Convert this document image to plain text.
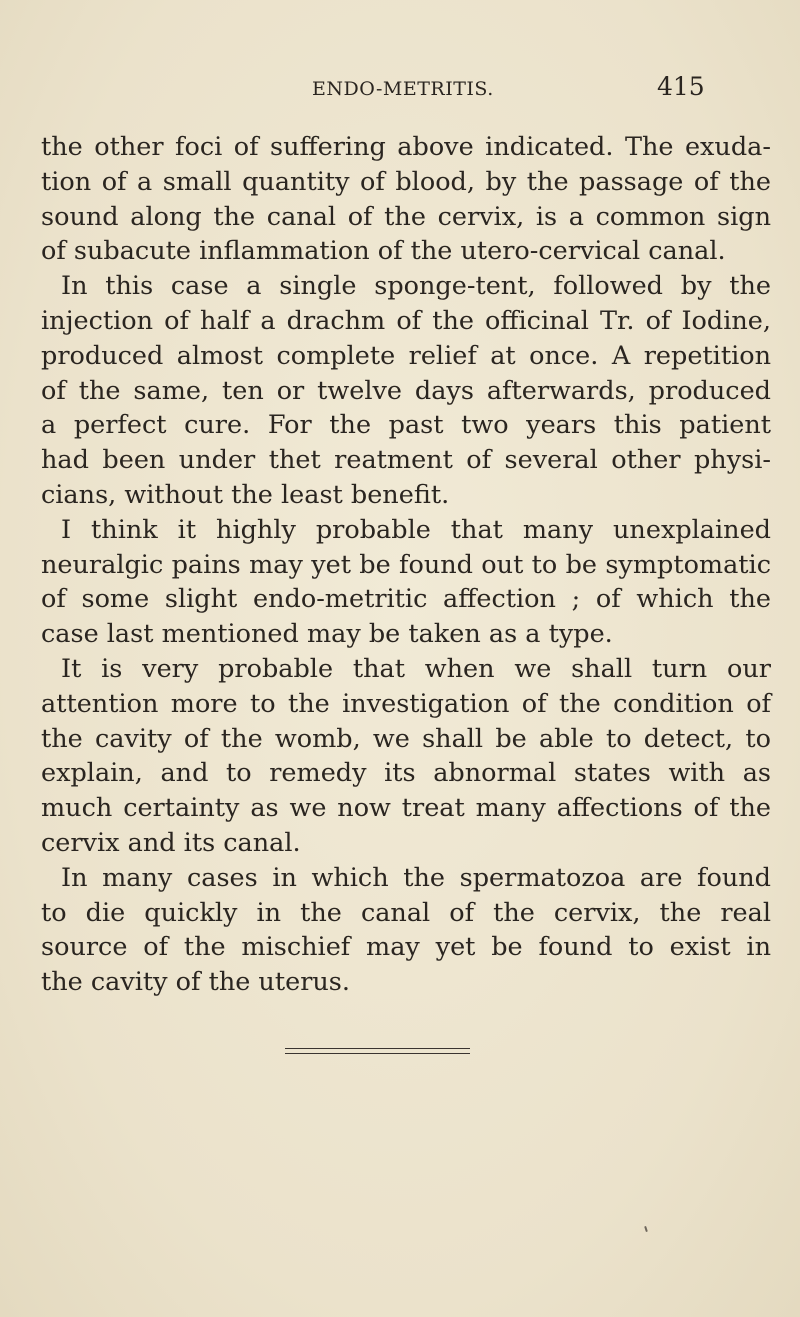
ENDO-METRITIS.	415
the other foci of suffering above indicated. The exuda-
tion of a small quantity of blood, by the passage of the
sound along the canal of the cervix, is a common sign
of subacute inflammation of the utero-cervical canal.
In this case a single sponge-tent, followed by the
injection of half a drachm of the officinal Tr. of Iodine,
produced almost complete relief at once. A repetition
of the same, ten or twelve days afterwards, produced
a perfect cure. For the past two years this patient
had been under thet reatment of several other physi-
cians, without the least benefit.
I think it highly probable that many unexplained
neuralgic pains may yet be found out to be symptomatic
of some slight endo-metritic affection ; of which the
case last mentioned may be taken as a type.
It is very probable that when we shall turn our
attention more to the investigation of the condition of
the cavity of the womb, we shall be able to detect, to
explain, and to remedy its abnormal states with as
much certainty as we now treat many affections of the
cervix and its canal.
In many cases in which the spermatozoa are found
to die quickly in the canal of the cervix, the real
source of the mischief may yet be found to exist in
the cavity of the uterus.
